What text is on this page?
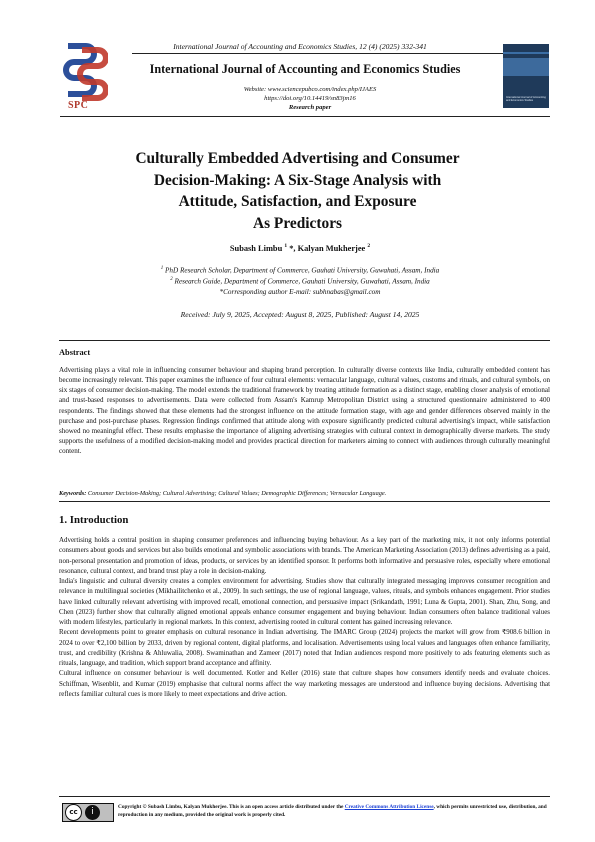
International Journal of Accounting and Economics Studies, 12 (4) (2025) 332-341
International Journal of Accounting and Economics Studies
Website: www.sciencepubco.com/index.php/IJAES
https://doi.org/10.14419/sn83jm16
Research paper
SPC
International Journal of Accounting and Economics Studies
Culturally Embedded Advertising and Consumer
Decision-Making: A Six-Stage Analysis with
Attitude, Satisfaction, and Exposure
As Predictors
Subash Limbu $^1$ *, Kalyan Mukherjee $^2$
$^1$ PhD Research Scholar, Department of Commerce, Gauhati University, Guwahati, Assam, India
$^2$ Research Guide, Department of Commerce, Gauhati University, Guwahati, Assam, India
*Corresponding author E-mail: subhnabas@gmail.com
Received: July 9, 2025, Accepted: August 8, 2025, Published: August 14, 2025
Abstract
Advertising plays a vital role in influencing consumer behaviour and shaping brand perception. In culturally diverse contexts like India, culturally embedded content has become increasingly relevant. This paper examines the influence of four cultural elements: vernacular language, cultural values, customs and rituals, and cultural symbols, on six stages of consumer decision-making. The model extends the traditional framework by treating attitude formation as a distinct stage, enabling closer analysis of emotional and trust-based responses to advertisements. Data were collected from Assam's Kamrup Metropolitan District using a structured questionnaire administered to 400 respondents. The findings showed that these elements had the strongest influence on the attitude formation stage, with age and gender differences observed mainly in the purchase and post-purchase phases. Regression findings confirmed that attitude along with exposure significantly predicted cultural advertising's impact, while satisfaction showed no meaningful effect. These results emphasise the importance of aligning advertising strategies with cultural context in demographically diverse markets. The study supports the usefulness of a modified decision-making model and provides practical direction for marketers aiming to connect with audiences through culturally meaningful content.
Keywords: Consumer Decision-Making; Cultural Advertising; Cultural Values; Demographic Differences; Vernacular Language.
1. Introduction

Advertising holds a central position in shaping consumer preferences and influencing buying behaviour. As a key part of the marketing mix, it not only informs potential consumers about goods and services but also builds emotional and symbolic associations with brands. The American Marketing Association (2013) defines advertising as a paid, non-personal presentation and promotion of ideas, products, or services by an identified sponsor. It performs both informative and persuasive roles, especially where emotional resonance, cultural context, and brand trust play a role in decision-making.

India's linguistic and cultural diversity creates a complex environment for advertising. Studies show that culturally integrated messaging improves consumer recognition and relevance in multilingual societies (Mikhailitchenko et al., 2009). In such settings, the use of regional language, values, rituals, and symbols enhances engagement. Prior studies have linked culturally relevant advertising with improved recall, emotional connection, and persuasive impact (Srikandath, 1991; Luna & Gupta, 2001). Shan, Zhu, Song, and Chen (2023) further show that culturally aligned emotional appeals enhance consumer engagement and buying behaviour. Indian consumers often balance traditional values with modern lifestyles, particularly in regional markets. In this context, advertising rooted in cultural content has gained increasing relevance.

Recent developments point to greater emphasis on cultural resonance in Indian advertising. The IMARC Group (2024) projects the market will grow from ₹908.6 billion in 2024 to over ₹2,100 billion by 2033, driven by regional content, digital platforms, and localisation. Advertisements using local values and languages often enhance familiarity, trust, and credibility (Krishna & Ahluwalia, 2008). Swaminathan and Zameer (2017) noted that Indian audiences respond more positively to ads featuring elements such as rituals, language, and tradition, which support brand acceptance and affinity.

Cultural influence on consumer behaviour is well documented. Kotler and Keller (2016) state that culture shapes how consumers identify needs and evaluate choices. Schiffman, Wisenblit, and Kumar (2019) emphasise that cultural norms affect the way marketing messages are understood and influence buying decisions. Advertising that reflects familiar cultural cues is more likely to meet expectations and drive action.

cc	i	Copyright © Subash Limbu, Kalyan Mukherjee. This is an open access article distributed under the Creative Commons Attribution License, which permits unrestricted use, distribution, and reproduction in any medium, provided the original work is properly cited.
